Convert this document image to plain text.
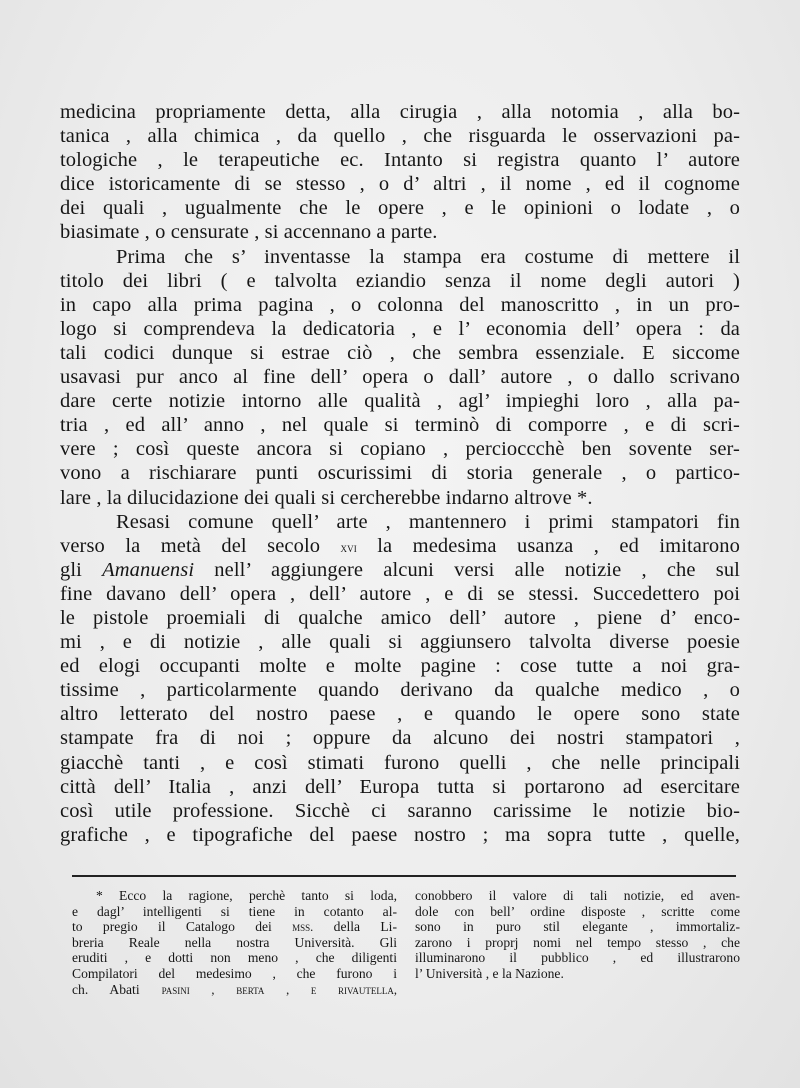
medicina propriamente detta, alla cirugia , alla notomia , alla bo-
tanica , alla chimica , da quello , che risguarda le osservazioni pa-
tologiche , le terapeutiche ec. Intanto si registra quanto l’ autore
dice istoricamente di se stesso , o d’ altri , il nome , ed il cognome
dei quali , ugualmente che le opere , e le opinioni o lodate , o
biasimate , o censurate , si accennano a parte.
Prima che s’ inventasse la stampa era costume di mettere il
titolo dei libri ( e talvolta eziandio senza il nome degli autori )
in capo alla prima pagina , o colonna del manoscritto , in un pro-
logo si comprendeva la dedicatoria , e l’ economia dell’ opera : da
tali codici dunque si estrae ciò , che sembra essenziale. E siccome
usavasi pur anco al fine dell’ opera o dall’ autore , o dallo scrivano
dare certe notizie intorno alle qualità , agl’ impieghi loro , alla pa-
tria , ed all’ anno , nel quale si terminò di comporre , e di scri-
vere ; così queste ancora si copiano , percioccchè ben sovente ser-
vono a rischiarare punti oscurissimi di storia generale , o partico-
lare , la dilucidazione dei quali si cercherebbe indarno altrove *.
Resasi comune quell’ arte , mantennero i primi stampatori fin
verso la metà del secolo xvi la medesima usanza , ed imitarono
gli Amanuensi nell’ aggiungere alcuni versi alle notizie , che sul
fine davano dell’ opera , dell’ autore , e di se stessi. Succedettero poi
le pistole proemiali di qualche amico dell’ autore , piene d’ enco-
mi , e di notizie , alle quali si aggiunsero talvolta diverse poesie
ed elogi occupanti molte e molte pagine : cose tutte a noi gra-
tissime , particolarmente quando derivano da qualche medico , o
altro letterato del nostro paese , e quando le opere sono state
stampate fra di noi ; oppure da alcuno dei nostri stampatori ,
giacchè tanti , e così stimati furono quelli , che nelle principali
città dell’ Italia , anzi dell’ Europa tutta si portarono ad esercitare
così utile professione. Sicchè ci saranno carissime le notizie bio-
grafiche , e tipografiche del paese nostro ; ma sopra tutte , quelle,
* Ecco la ragione, perchè tanto si loda,
e dagl’ intelligenti si tiene in cotanto al-
to pregio il Catalogo dei mss. della Li-
breria Reale nella nostra Università. Gli
eruditi , e dotti non meno , che diligenti
Compilatori del medesimo , che furono i
ch. Abati pasini , berta , e rivautella,
conobbero il valore di tali notizie, ed aven-
dole con bell’ ordine disposte , scritte come
sono in puro stil elegante , immortaliz-
zarono i proprj nomi nel tempo stesso , che
illuminarono il pubblico , ed illustrarono
l’ Università , e la Nazione.
